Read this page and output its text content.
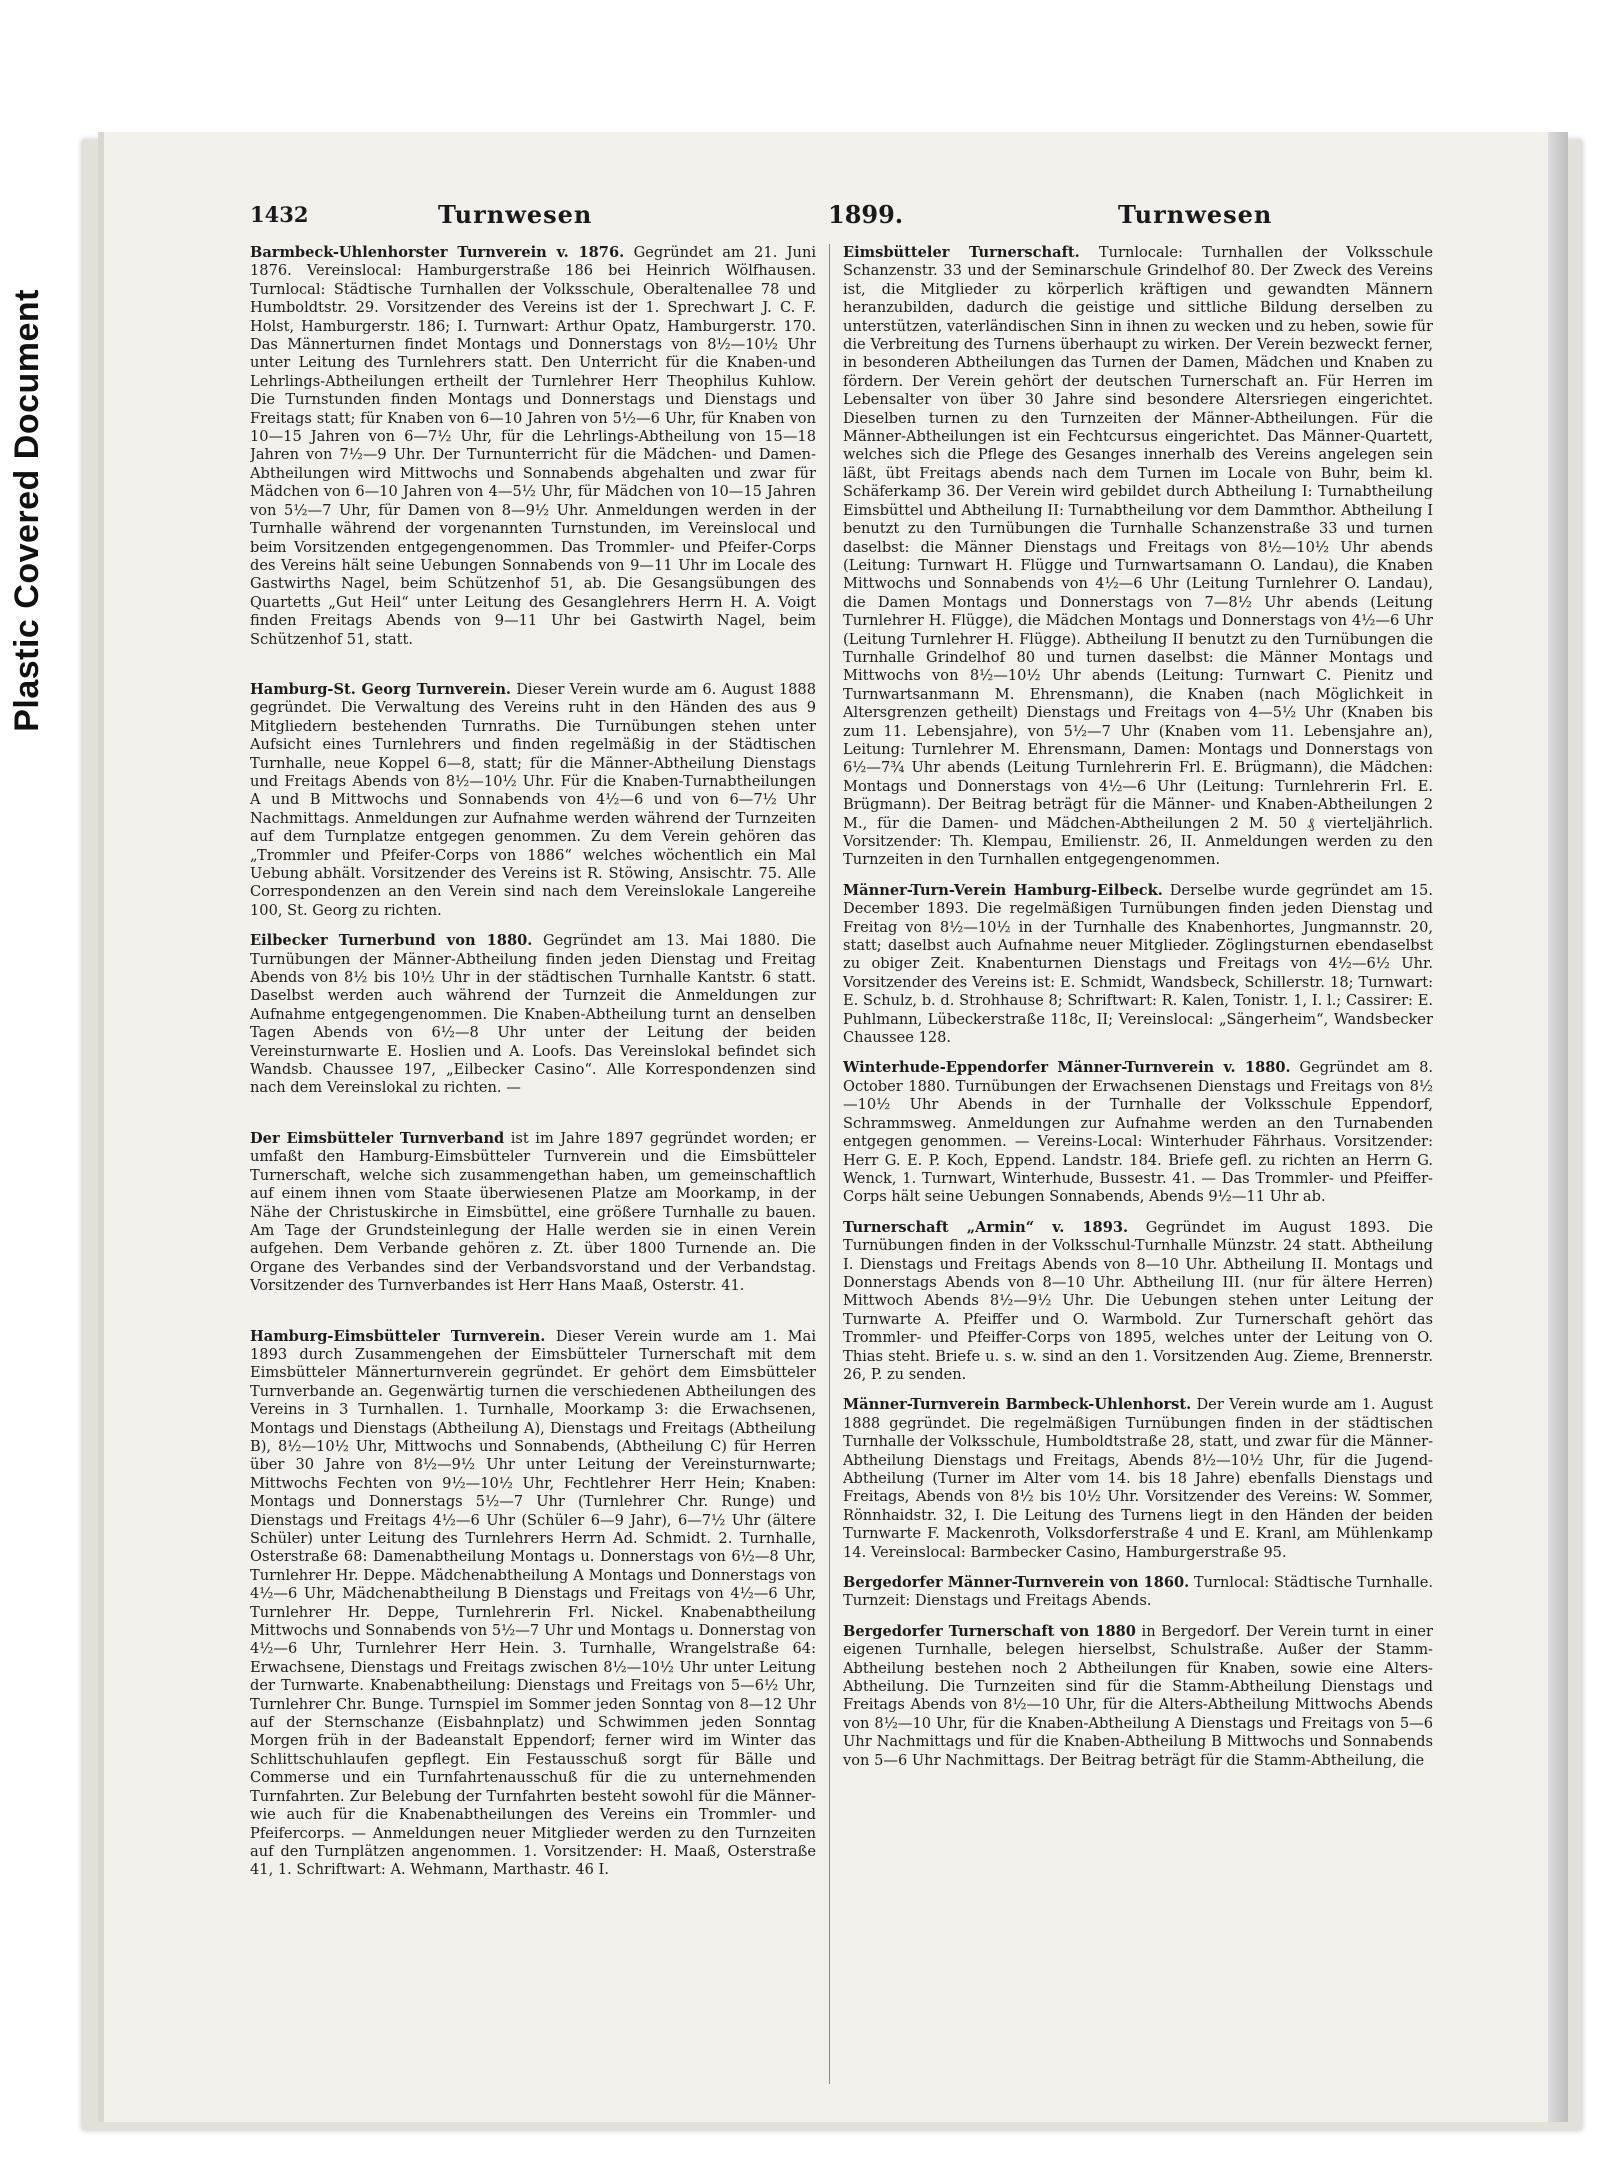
Plastic Covered Document
1432	Turnwesen	1899.	Turnwesen

Barmbeck-Uhlenhorster Turnverein v. 1876. Gegründet am 21. Juni 1876. Vereinslocal: Hamburgerstraße 186 bei Heinrich Wölfhausen. Turnlocal: Städtische Turnhallen der Volksschule, Oberaltenallee 78 und Humboldtstr. 29. Vorsitzender des Vereins ist der 1. Sprechwart J. C. F. Holst, Hamburgerstr. 186; I. Turnwart: Arthur Opatz, Hamburgerstr. 170. Das Männerturnen findet Montags und Donnerstags von 8½—10½ Uhr unter Leitung des Turnlehrers statt. Den Unterricht für die Knaben-und Lehrlings-Abtheilungen ertheilt der Turnlehrer Herr Theophilus Kuhlow. Die Turnstunden finden Montags und Donnerstags und Dienstags und Freitags statt; für Knaben von 6—10 Jahren von 5½—6 Uhr, für Knaben von 10—15 Jahren von 6—7½ Uhr, für die Lehrlings-Abtheilung von 15—18 Jahren von 7½—9 Uhr. Der Turnunterricht für die Mädchen- und Damen-Abtheilungen wird Mittwochs und Sonnabends abgehalten und zwar für Mädchen von 6—10 Jahren von 4—5½ Uhr, für Mädchen von 10—15 Jahren von 5½—7 Uhr, für Damen von 8—9½ Uhr. Anmeldungen werden in der Turnhalle während der vorgenannten Turnstunden, im Vereinslocal und beim Vorsitzenden entgegengenommen. Das Trommler- und Pfeifer-Corps des Vereins hält seine Uebungen Sonnabends von 9—11 Uhr im Locale des Gastwirths Nagel, beim Schützenhof 51, ab. Die Gesangsübungen des Quartetts „Gut Heil“ unter Leitung des Gesanglehrers Herrn H. A. Voigt finden Freitags Abends von 9—11 Uhr bei Gastwirth Nagel, beim Schützenhof 51, statt.

Hamburg-St. Georg Turnverein. Dieser Verein wurde am 6. August 1888 gegründet. Die Verwaltung des Vereins ruht in den Händen des aus 9 Mitgliedern bestehenden Turnraths. Die Turnübungen stehen unter Aufsicht eines Turnlehrers und finden regelmäßig in der Städtischen Turnhalle, neue Koppel 6—8, statt; für die Männer-Abtheilung Dienstags und Freitags Abends von 8½—10½ Uhr. Für die Knaben-Turnabtheilungen A und B Mittwochs und Sonnabends von 4½—6 und von 6—7½ Uhr Nachmittags. Anmeldungen zur Aufnahme werden während der Turnzeiten auf dem Turnplatze entgegen genommen. Zu dem Verein gehören das „Trommler und Pfeifer-Corps von 1886“ welches wöchentlich ein Mal Uebung abhält. Vorsitzender des Vereins ist R. Stöwing, Ansischtr. 75. Alle Correspondenzen an den Verein sind nach dem Vereinslokale Langereihe 100, St. Georg zu richten.

Eilbecker Turnerbund von 1880. Gegründet am 13. Mai 1880. Die Turnübungen der Männer-Abtheilung finden jeden Dienstag und Freitag Abends von 8½ bis 10½ Uhr in der städtischen Turnhalle Kantstr. 6 statt. Daselbst werden auch während der Turnzeit die Anmeldungen zur Aufnahme entgegengenommen. Die Knaben-Abtheilung turnt an denselben Tagen Abends von 6½—8 Uhr unter der Leitung der beiden Vereinsturnwarte E. Hoslien und A. Loofs. Das Vereinslokal befindet sich Wandsb. Chaussee 197, „Eilbecker Casino“. Alle Korrespondenzen sind nach dem Vereinslokal zu richten. —

Der Eimsbütteler Turnverband ist im Jahre 1897 gegründet worden; er umfaßt den Hamburg-Eimsbütteler Turnverein und die Eimsbütteler Turnerschaft, welche sich zusammengethan haben, um gemeinschaftlich auf einem ihnen vom Staate überwiesenen Platze am Moorkamp, in der Nähe der Christuskirche in Eimsbüttel, eine größere Turnhalle zu bauen. Am Tage der Grundsteinlegung der Halle werden sie in einen Verein aufgehen. Dem Verbande gehören z. Zt. über 1800 Turnende an. Die Organe des Verbandes sind der Verbandsvorstand und der Verbandstag. Vorsitzender des Turnverbandes ist Herr Hans Maaß, Osterstr. 41.

Hamburg-Eimsbütteler Turnverein. Dieser Verein wurde am 1. Mai 1893 durch Zusammengehen der Eimsbütteler Turnerschaft mit dem Eimsbütteler Männerturnverein gegründet. Er gehört dem Eimsbütteler Turnverbande an. Gegenwärtig turnen die verschiedenen Abtheilungen des Vereins in 3 Turnhallen. 1. Turnhalle, Moorkamp 3: die Erwachsenen, Montags und Dienstags (Abtheilung A), Dienstags und Freitags (Abtheilung B), 8½—10½ Uhr, Mittwochs und Sonnabends, (Abtheilung C) für Herren über 30 Jahre von 8½—9½ Uhr unter Leitung der Vereinsturnwarte; Mittwochs Fechten von 9½—10½ Uhr, Fechtlehrer Herr Hein; Knaben: Montags und Donnerstags 5½—7 Uhr (Turnlehrer Chr. Runge) und Dienstags und Freitags 4½—6 Uhr (Schüler 6—9 Jahr), 6—7½ Uhr (ältere Schüler) unter Leitung des Turnlehrers Herrn Ad. Schmidt. 2. Turnhalle, Osterstraße 68: Damenabtheilung Montags u. Donnerstags von 6½—8 Uhr, Turnlehrer Hr. Deppe. Mädchenabtheilung A Montags und Donnerstags von 4½—6 Uhr, Mädchenabtheilung B Dienstags und Freitags von 4½—6 Uhr, Turnlehrer Hr. Deppe, Turnlehrerin Frl. Nickel. Knabenabtheilung Mittwochs und Sonnabends von 5½—7 Uhr und Montags u. Donnerstag von 4½—6 Uhr, Turnlehrer Herr Hein. 3. Turnhalle, Wrangelstraße 64: Erwachsene, Dienstags und Freitags zwischen 8½—10½ Uhr unter Leitung der Turnwarte. Knabenabtheilung: Dienstags und Freitags von 5—6½ Uhr, Turnlehrer Chr. Bunge. Turnspiel im Sommer jeden Sonntag von 8—12 Uhr auf der Sternschanze (Eisbahnplatz) und Schwimmen jeden Sonntag Morgen früh in der Badeanstalt Eppendorf; ferner wird im Winter das Schlittschuhlaufen gepflegt. Ein Festausschuß sorgt für Bälle und Commerse und ein Turnfahrtenausschuß für die zu unternehmenden Turnfahrten. Zur Belebung der Turnfahrten besteht sowohl für die Männer- wie auch für die Knabenabtheilungen des Vereins ein Trommler- und Pfeifercorps. — Anmeldungen neuer Mitglieder werden zu den Turnzeiten auf den Turnplätzen angenommen. 1. Vorsitzender: H. Maaß, Osterstraße 41, 1. Schriftwart: A. Wehmann, Marthastr. 46 I.

Eimsbütteler Turnerschaft. Turnlocale: Turnhallen der Volksschule Schanzenstr. 33 und der Seminarschule Grindelhof 80. Der Zweck des Vereins ist, die Mitglieder zu körperlich kräftigen und gewandten Männern heranzubilden, dadurch die geistige und sittliche Bildung derselben zu unterstützen, vaterländischen Sinn in ihnen zu wecken und zu heben, sowie für die Verbreitung des Turnens überhaupt zu wirken. Der Verein bezweckt ferner, in besonderen Abtheilungen das Turnen der Damen, Mädchen und Knaben zu fördern. Der Verein gehört der deutschen Turnerschaft an. Für Herren im Lebensalter von über 30 Jahre sind besondere Altersriegen eingerichtet. Dieselben turnen zu den Turnzeiten der Männer-Abtheilungen. Für die Männer-Abtheilungen ist ein Fechtcursus eingerichtet. Das Männer-Quartett, welches sich die Pflege des Gesanges innerhalb des Vereins angelegen sein läßt, übt Freitags abends nach dem Turnen im Locale von Buhr, beim kl. Schäferkamp 36. Der Verein wird gebildet durch Abtheilung I: Turnabtheilung Eimsbüttel und Abtheilung II: Turnabtheilung vor dem Dammthor. Abtheilung I benutzt zu den Turnübungen die Turnhalle Schanzenstraße 33 und turnen daselbst: die Männer Dienstags und Freitags von 8½—10½ Uhr abends (Leitung: Turnwart H. Flügge und Turnwartsamann O. Landau), die Knaben Mittwochs und Sonnabends von 4½—6 Uhr (Leitung Turnlehrer O. Landau), die Damen Montags und Donnerstags von 7—8½ Uhr abends (Leitung Turnlehrer H. Flügge), die Mädchen Montags und Donnerstags von 4½—6 Uhr (Leitung Turnlehrer H. Flügge). Abtheilung II benutzt zu den Turnübungen die Turnhalle Grindelhof 80 und turnen daselbst: die Männer Montags und Mittwochs von 8½—10½ Uhr abends (Leitung: Turnwart C. Pienitz und Turnwartsanmann M. Ehrensmann), die Knaben (nach Möglichkeit in Altersgrenzen getheilt) Dienstags und Freitags von 4—5½ Uhr (Knaben bis zum 11. Lebensjahre), von 5½—7 Uhr (Knaben vom 11. Lebensjahre an), Leitung: Turnlehrer M. Ehrensmann, Damen: Montags und Donnerstags von 6½—7¾ Uhr abends (Leitung Turnlehrerin Frl. E. Brügmann), die Mädchen: Montags und Donnerstags von 4½—6 Uhr (Leitung: Turnlehrerin Frl. E. Brügmann). Der Beitrag beträgt für die Männer- und Knaben-Abtheilungen 2 M., für die Damen- und Mädchen-Abtheilungen 2 M. 50 ₰ vierteljährlich. Vorsitzender: Th. Klempau, Emilienstr. 26, II. Anmeldungen werden zu den Turnzeiten in den Turnhallen entgegengenommen.

Männer-Turn-Verein Hamburg-Eilbeck. Derselbe wurde gegründet am 15. December 1893. Die regelmäßigen Turnübungen finden jeden Dienstag und Freitag von 8½—10½ in der Turnhalle des Knabenhortes, Jungmannstr. 20, statt; daselbst auch Aufnahme neuer Mitglieder. Zöglingsturnen ebendaselbst zu obiger Zeit. Knabenturnen Dienstags und Freitags von 4½—6½ Uhr. Vorsitzender des Vereins ist: E. Schmidt, Wandsbeck, Schillerstr. 18; Turnwart: E. Schulz, b. d. Strohhause 8; Schriftwart: R. Kalen, Tonistr. 1, I. l.; Cassirer: E. Puhlmann, Lübeckerstraße 118c, II; Vereinslocal: „Sängerheim“, Wandsbecker Chaussee 128.

Winterhude-Eppendorfer Männer-Turnverein v. 1880. Gegründet am 8. October 1880. Turnübungen der Erwachsenen Dienstags und Freitags von 8½—10½ Uhr Abends in der Turnhalle der Volksschule Eppendorf, Schrammsweg. Anmeldungen zur Aufnahme werden an den Turnabenden entgegen genommen. — Vereins-Local: Winterhuder Fährhaus. Vorsitzender: Herr G. E. P. Koch, Eppend. Landstr. 184. Briefe gefl. zu richten an Herrn G. Wenck, 1. Turnwart, Winterhude, Bussestr. 41. — Das Trommler- und Pfeiffer-Corps hält seine Uebungen Sonnabends, Abends 9½—11 Uhr ab.

Turnerschaft „Armin“ v. 1893. Gegründet im August 1893. Die Turnübungen finden in der Volksschul-Turnhalle Münzstr. 24 statt. Abtheilung I. Dienstags und Freitags Abends von 8—10 Uhr. Abtheilung II. Montags und Donnerstags Abends von 8—10 Uhr. Abtheilung III. (nur für ältere Herren) Mittwoch Abends 8½—9½ Uhr. Die Uebungen stehen unter Leitung der Turnwarte A. Pfeiffer und O. Warmbold. Zur Turnerschaft gehört das Trommler- und Pfeiffer-Corps von 1895, welches unter der Leitung von O. Thias steht. Briefe u. s. w. sind an den 1. Vorsitzenden Aug. Zieme, Brennerstr. 26, P. zu senden.

Männer-Turnverein Barmbeck-Uhlenhorst. Der Verein wurde am 1. August 1888 gegründet. Die regelmäßigen Turnübungen finden in der städtischen Turnhalle der Volksschule, Humboldtstraße 28, statt, und zwar für die Männer-Abtheilung Dienstags und Freitags, Abends 8½—10½ Uhr, für die Jugend-Abtheilung (Turner im Alter vom 14. bis 18 Jahre) ebenfalls Dienstags und Freitags, Abends von 8½ bis 10½ Uhr. Vorsitzender des Vereins: W. Sommer, Rönnhaidstr. 32, I. Die Leitung des Turnens liegt in den Händen der beiden Turnwarte F. Mackenroth, Volksdorferstraße 4 und E. Kranl, am Mühlenkamp 14. Vereinslocal: Barmbecker Casino, Hamburgerstraße 95.

Bergedorfer Männer-Turnverein von 1860. Turnlocal: Städtische Turnhalle. Turnzeit: Dienstags und Freitags Abends.

Bergedorfer Turnerschaft von 1880 in Bergedorf. Der Verein turnt in einer eigenen Turnhalle, belegen hierselbst, Schulstraße. Außer der Stamm-Abtheilung bestehen noch 2 Abtheilungen für Knaben, sowie eine Alters-Abtheilung. Die Turnzeiten sind für die Stamm-Abtheilung Dienstags und Freitags Abends von 8½—10 Uhr, für die Alters-Abtheilung Mittwochs Abends von 8½—10 Uhr, für die Knaben-Abtheilung A Dienstags und Freitags von 5—6 Uhr Nachmittags und für die Knaben-Abtheilung B Mittwochs und Sonnabends von 5—6 Uhr Nachmittags. Der Beitrag beträgt für die Stamm-Abtheilung, die
